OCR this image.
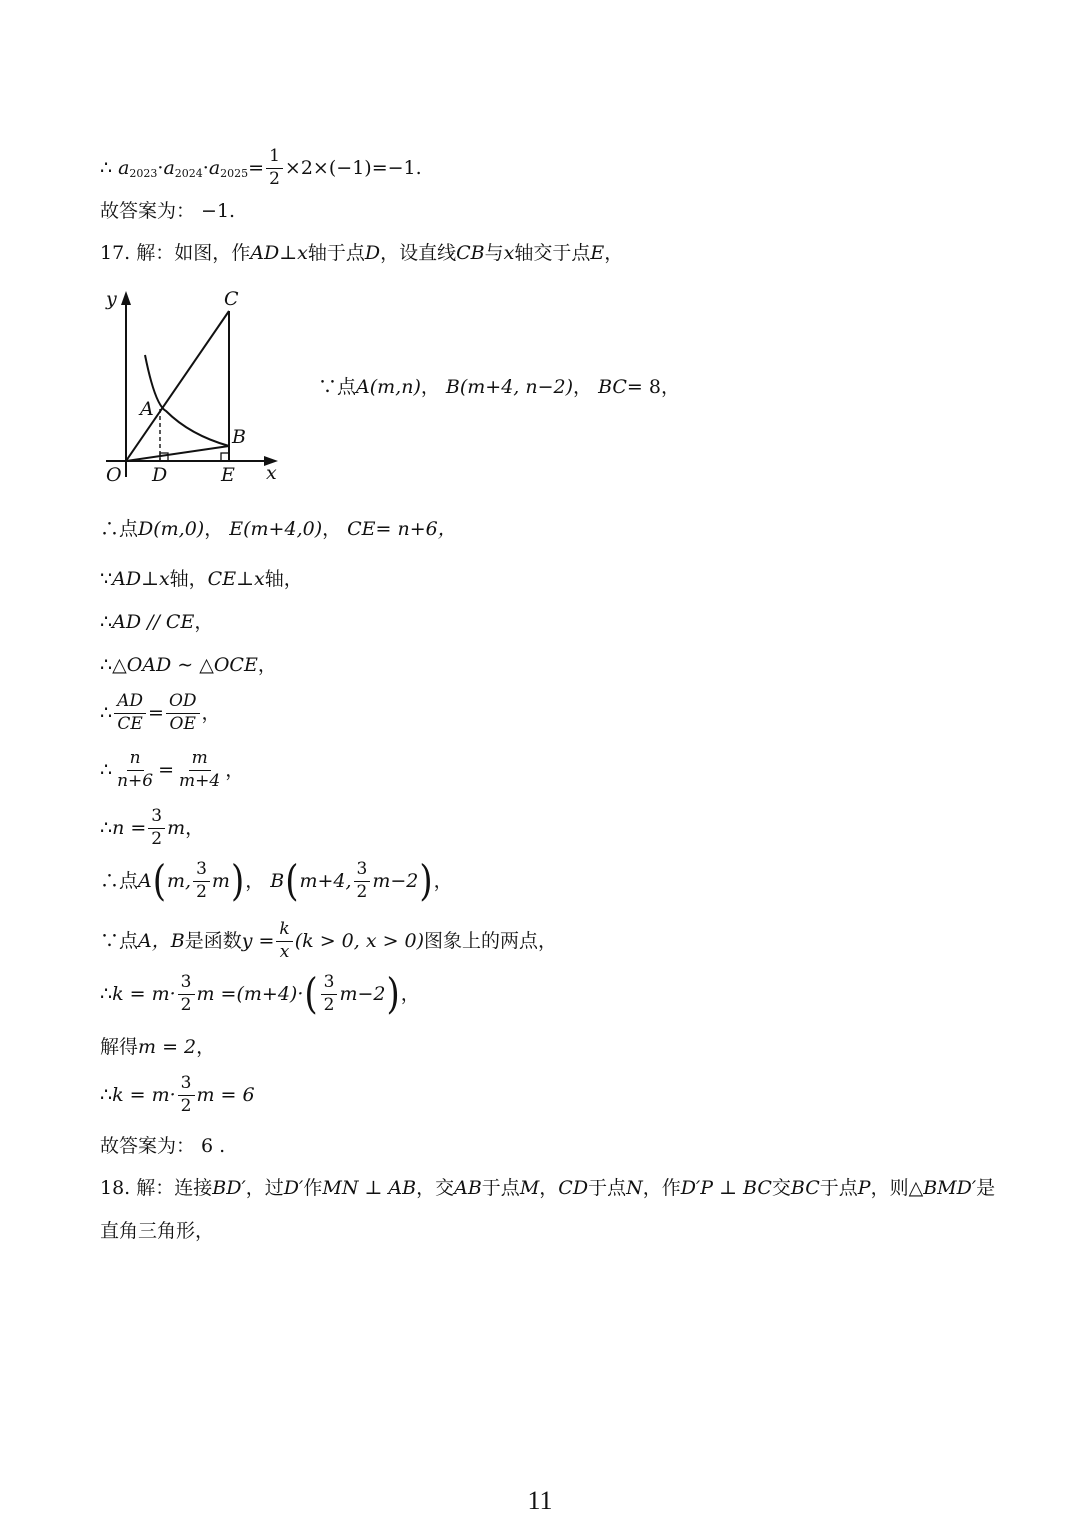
∴ a 2023 · a 2024 · a $2025 = \frac{1}{2} \times 2\times$ ( −1 ) =−1.
故答案为： −1.
17. 解：如图，作 AD ⊥ x 轴于点 D ，设直线 CB 与 x 轴交于点 E ，
y
x
O
A
B
C
D	E
∵点 A (m,n) ， B (m+4, n−2) ， BC = 8，
∴点 D (m,0) ， E (m+4,0) ， CE = n+6，
∵ AD ⊥ x 轴， CE ⊥ x 轴，
∴ AD // CE ，
∴ △OAD ∼ △OCE ，
∴ $\frac{AD}{CE} = \frac{OD}{OE}$ ，
∴ $\frac{n}{n+6} = \frac{m}{m+4}$ ，
∴ $n = \frac{3}{2}$ m ，
∴点 A ( m, $\frac{3}{2}$ m ) ， B ( m+4, $\frac{3}{2} m-2$ ) ，
∵点 A，B 是函数 $y = \frac{k}{x} (k > 0$, x > 0) 图象上的两点，
∴ $k = m\cdot \frac{3}{2}$ m = (m+4)· ( $\frac{3}{2} m-2$ ) ，
解得 m = 2 ，
∴ $k = m\cdot \frac{3}{2}$ m = 6
故答案为： 6 .
18. 解：连接 BD′ ，过 D′ 作 MN ⊥ AB ，交 AB 于点 M ， CD 于点 N ，作 D′P ⊥ BC 交 BC 于点 P ，则△ BMD′ 是
直角三角形，
11
